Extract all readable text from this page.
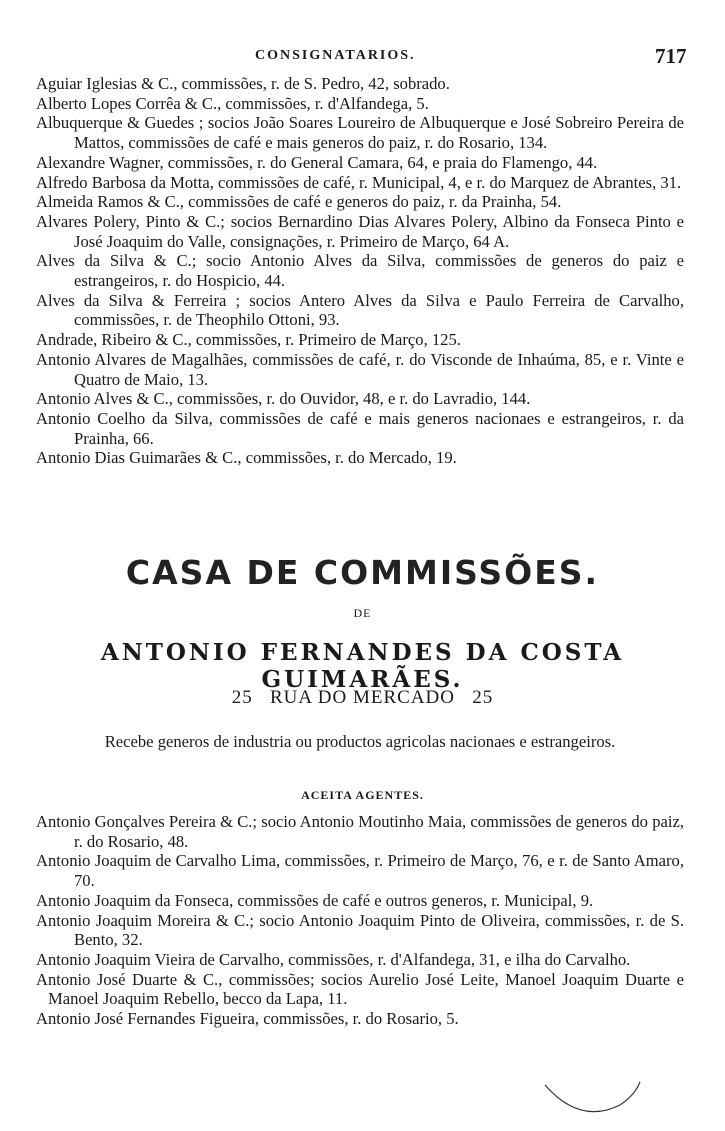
CONSIGNATARIOS.	717
Aguiar Iglesias & C., commissões, r. de S. Pedro, 42, sobrado.
Alberto Lopes Corrêa & C., commissões, r. d'Alfandega, 5.
Albuquerque & Guedes ; socios João Soares Loureiro de Albuquerque e José Sobreiro Pereira de Mattos, commissões de café e mais generos do paiz, r. do Rosario, 134.
Alexandre Wagner, commissões, r. do General Camara, 64, e praia do Flamengo, 44.
Alfredo Barbosa da Motta, commissões de café, r. Municipal, 4, e r. do Marquez de Abrantes, 31.
Almeida Ramos & C., commissões de café e generos do paiz, r. da Prainha, 54.
Alvares Polery, Pinto & C.; socios Bernardino Dias Alvares Polery, Albino da Fonseca Pinto e José Joaquim do Valle, consignações, r. Primeiro de Março, 64 A.
Alves da Silva & C.; socio Antonio Alves da Silva, commissões de generos do paiz e estrangeiros, r. do Hospicio, 44.
Alves da Silva & Ferreira ; socios Antero Alves da Silva e Paulo Ferreira de Carvalho, commissões, r. de Theophilo Ottoni, 93.
Andrade, Ribeiro & C., commissões, r. Primeiro de Março, 125.
Antonio Alvares de Magalhães, commissões de café, r. do Visconde de Inhaúma, 85, e r. Vinte e Quatro de Maio, 13.
Antonio Alves & C., commissões, r. do Ouvidor, 48, e r. do Lavradio, 144.
Antonio Coelho da Silva, commissões de café e mais generos nacionaes e estrangeiros, r. da Prainha, 66.
Antonio Dias Guimarães & C., commissões, r. do Mercado, 19.
CASA DE COMMISSÕES.
DE
ANTONIO FERNANDES DA COSTA GUIMARÃES.
25   RUA DO MERCADO   25
Recebe generos de industria ou productos agricolas nacionaes e estrangeiros.
ACEITA AGENTES.
Antonio Gonçalves Pereira & C.; socio Antonio Moutinho Maia, commissões de generos do paiz, r. do Rosario, 48.
Antonio Joaquim de Carvalho Lima, commissões, r. Primeiro de Março, 76, e r. de Santo Amaro, 70.
Antonio Joaquim da Fonseca, commissões de café e outros generos, r. Municipal, 9.
Antonio Joaquim Moreira & C.; socio Antonio Joaquim Pinto de Oliveira, commissões, r. de S. Bento, 32.
Antonio Joaquim Vieira de Carvalho, commissões, r. d'Alfandega, 31, e ilha do Carvalho.
Antonio José Duarte & C., commissões; socios Aurelio José Leite, Manoel Joaquim Duarte e Manoel Joaquim Rebello, becco da Lapa, 11.
Antonio José Fernandes Figueira, commissões, r. do Rosario, 5.
